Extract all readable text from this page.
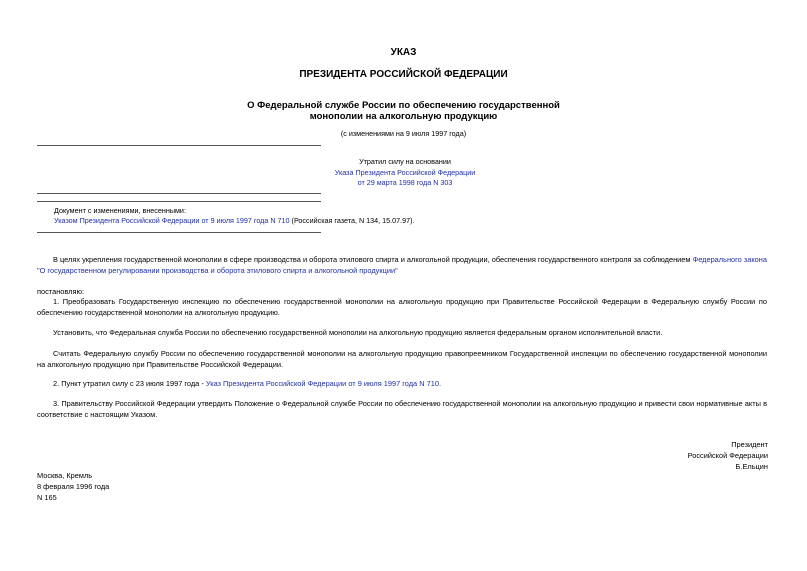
УКАЗ
ПРЕЗИДЕНТА РОССИЙСКОЙ ФЕДЕРАЦИИ
О Федеральной службе России по обеспечению государственной
монополии на алкогольную продукцию
(с изменениями на 9 июля 1997 года)
Утратил силу на основании
Указа Президента Российской Федерации
от 29 марта 1998 года N 303
Документ с изменениями, внесенными:
Указом Президента Российской Федерации от 9 июля 1997 года N 710 (Российская газета, N 134, 15.07.97).
В целях укрепления государственной монополии в сфере производства и оборота этилового спирта и алкогольной продукции, обеспечения государственного контроля за соблюдением Федерального закона "О государственном регулировании производства и оборота этилового спирта и алкогольной продукции"
постановляю:
1. Преобразовать Государственную инспекцию по обеспечению государственной монополии на алкогольную продукцию при Правительстве Российской Федерации в Федеральную службу России по обеспечению государственной монополии на алкогольную продукцию.
Установить, что Федеральная служба России по обеспечению государственной монополии на алкогольную продукцию является федеральным органом исполнительной власти.
Считать Федеральную службу России по обеспечению государственной монополии на алкогольную продукцию правопреемником Государственной инспекции по обеспечению государственной монополии на алкогольную продукцию при Правительстве Российской Федерации.
2. Пункт утратил силу с 23 июля 1997 года - Указ Президента Российской Федерации от 9 июля 1997 года N 710.
3. Правительству Российской Федерации утвердить Положение о Федеральной службе России по обеспечению государственной монополии на алкогольную продукцию и привести свои нормативные акты в соответствие с настоящим Указом.
Президент
Российской Федерации
Б.Ельцин
Москва, Кремль
8 февраля 1996 года
N 165
